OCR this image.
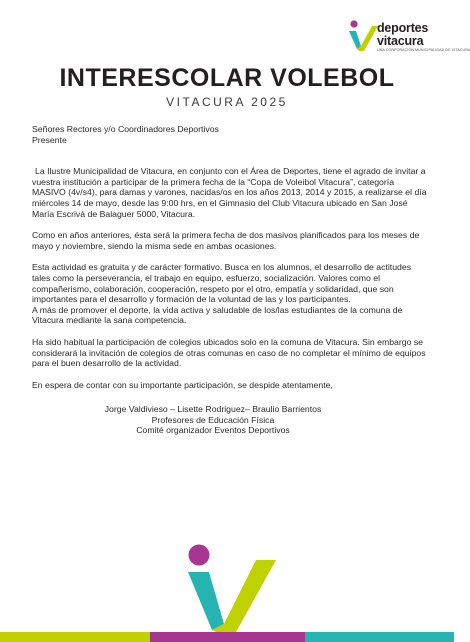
deportes
vitacura
UNA CORPORACIÓN MUNICIPALIDAD DE VITACURA
INTERESCOLAR VOLEBOL
VITACURA 2025

Señores Rectores y/o Coordinadores Deportivos
Presente

La Ilustre Municipalidad de Vitacura, en conjunto con el Área de Deportes, tiene el agrado de invitar a vuestra institución a participar de la primera fecha de la “Copa de Voleibol Vitacura”, categoría MASIVO (4v/s4), para damas y varones, nacidas/os en los años 2013, 2014 y 2015, a realizarse el día miércoles 14 de mayo, desde las 9:00 hrs, en el Gimnasio del Club Vitacura ubicado en San José María Escrivá de Balaguer 5000, Vitacura.

Como en años anteriores, ésta será la primera fecha de dos masivos planificados para los meses de mayo y noviembre, siendo la misma sede en ambas ocasiones.

Esta actividad es gratuita y de carácter formativo. Busca en los alumnos, el desarrollo de actitudes tales como la perseverancia, el trabajo en equipo, esfuerzo, socialización. Valores como el compañerismo, colaboración, cooperación, respeto por el otro, empatía y solidaridad, que son importantes para el desarrollo y formación de la voluntad de las y los participantes.

A más de promover el deporte, la vida activa y saludable de los/las estudiantes de la comuna de Vitacura mediante la sana competencia.

Ha sido habitual la participación de colegios ubicados solo en la comuna de Vitacura. Sin embargo se considerará la invitación de colegios de otras comunas en caso de no completar el mínimo de equipos para el buen desarrollo de la actividad.

En espera de contar con su importante participación, se despide atentamente,

Jorge Valdivieso – Lisette Rodriguez– Braulio Barrientos

Profesores de Educación Física

Comité organizador Eventos Deportivos
